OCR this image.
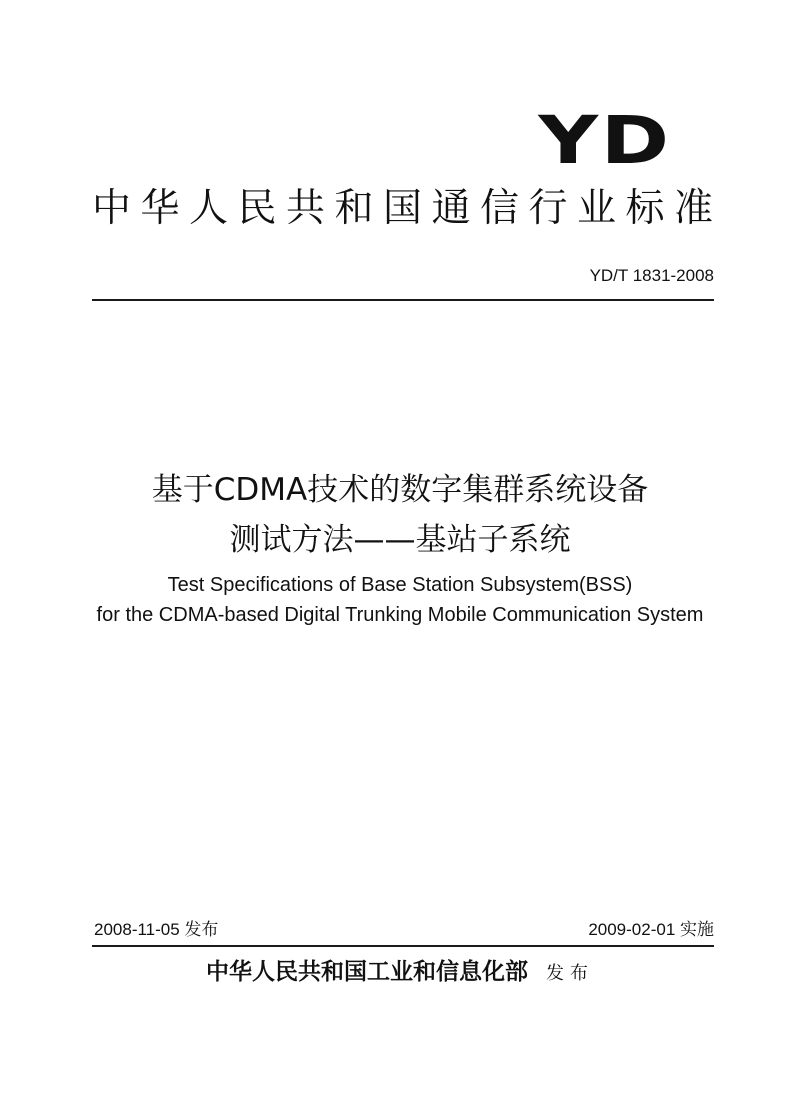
YD
中华人民共和国通信行业标准
YD/T 1831-2008
基于CDMA技术的数字集群系统设备
测试方法——基站子系统
Test Specifications of Base Station Subsystem(BSS)
for the CDMA-based Digital Trunking Mobile Communication System
2008-11-05 发布	2009-02-01 实施
中华人民共和国工业和信息化部 发布
